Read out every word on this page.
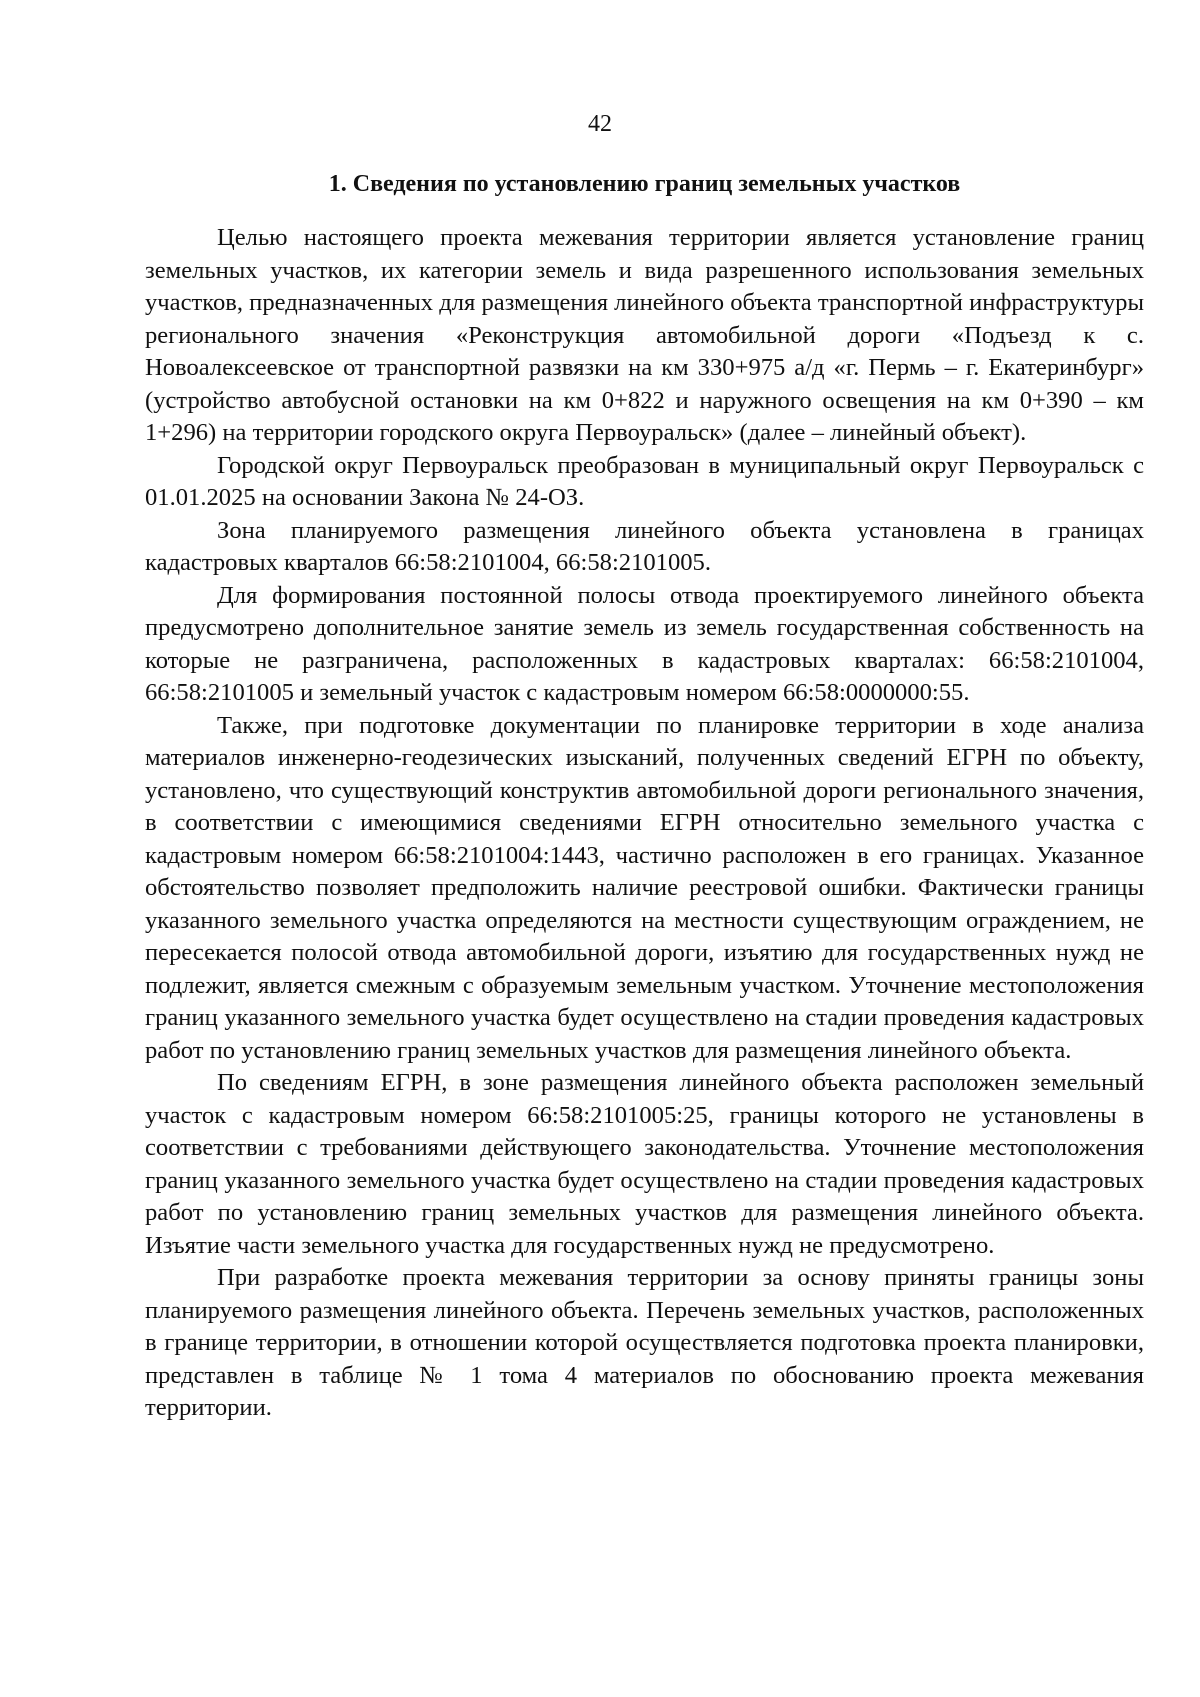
42
1. Сведения по установлению границ земельных участков

Целью настоящего проекта межевания территории является установление границ земельных участков, их категории земель и вида разрешенного использования земельных участков, предназначенных для размещения линейного объекта транспортной инфраструктуры регионального значения «Реконструкция автомобильной дороги «Подъезд к с. Новоалексеевское от транспортной развязки на км 330+975 а/д «г. Пермь – г. Екатеринбург» (устройство автобусной остановки на км 0+822 и наружного освещения на км 0+390 – км 1+296) на территории городского округа Первоуральск» (далее – линейный объект).

Городской округ Первоуральск преобразован в муниципальный округ Первоуральск с 01.01.2025 на основании Закона № 24-ОЗ.

Зона планируемого размещения линейного объекта установлена в границах кадастровых кварталов 66:58:2101004, 66:58:2101005.

Для формирования постоянной полосы отвода проектируемого линейного объекта предусмотрено дополнительное занятие земель из земель государственная собственность на которые не разграничена, расположенных в кадастровых кварталах: 66:58:2101004, 66:58:2101005 и земельный участок с кадастровым номером 66:58:0000000:55.

Также, при подготовке документации по планировке территории в ходе анализа материалов инженерно-геодезических изысканий, полученных сведений ЕГРН по объекту, установлено, что существующий конструктив автомобильной дороги регионального значения, в соответствии с имеющимися сведениями ЕГРН относительно земельного участка с кадастровым номером 66:58:2101004:1443, частично расположен в его границах. Указанное обстоятельство позволяет предположить наличие реестровой ошибки. Фактически границы указанного земельного участка определяются на местности существующим ограждением, не пересекается полосой отвода автомобильной дороги, изъятию для государственных нужд не подлежит, является смежным с образуемым земельным участком. Уточнение местоположения границ указанного земельного участка будет осуществлено на стадии проведения кадастровых работ по установлению границ земельных участков для размещения линейного объекта.

По сведениям ЕГРН, в зоне размещения линейного объекта расположен земельный участок с кадастровым номером 66:58:2101005:25, границы которого не установлены в соответствии с требованиями действующего законодательства. Уточнение местоположения границ указанного земельного участка будет осуществлено на стадии проведения кадастровых работ по установлению границ земельных участков для размещения линейного объекта. Изъятие части земельного участка для государственных нужд не предусмотрено.

При разработке проекта межевания территории за основу приняты границы зоны планируемого размещения линейного объекта. Перечень земельных участков, расположенных в границе территории, в отношении которой осуществляется подготовка проекта планировки, представлен в таблице № 1 тома 4 материалов по обоснованию проекта межевания территории.
